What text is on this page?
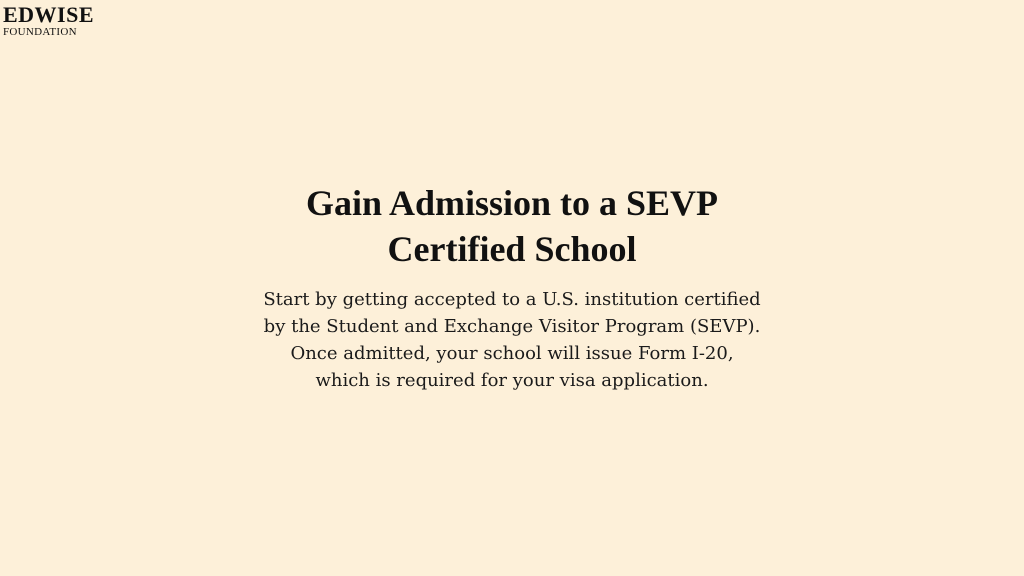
EDWISE
FOUNDATION
Gain Admission to a SEVP
Certified School

Start by getting accepted to a U.S. institution certified
by the Student and Exchange Visitor Program (SEVP).
Once admitted, your school will issue Form I-20,
which is required for your visa application.
